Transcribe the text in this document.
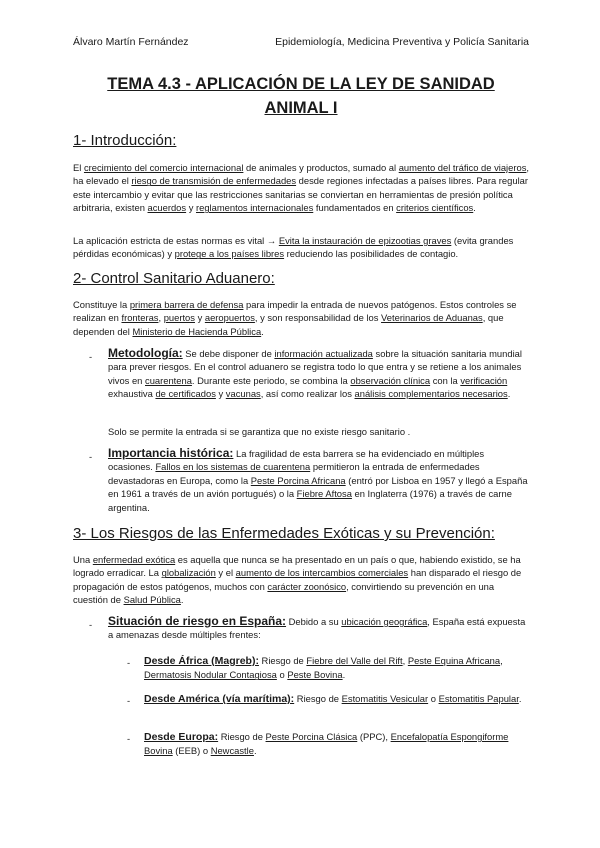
Álvaro Martín Fernández	Epidemiología, Medicina Preventiva y Policía Sanitaria
TEMA 4.3 - APLICACIÓN DE LA LEY DE SANIDAD
ANIMAL I
1- Introducción:
El crecimiento del comercio internacional de animales y productos, sumado al aumento del tráfico de viajeros, ha elevado el riesgo de transmisión de enfermedades desde regiones infectadas a países libres. Para regular este intercambio y evitar que las restricciones sanitarias se conviertan en herramientas de presión política arbitraria, existen acuerdos y reglamentos internacionales fundamentados en criterios científicos.
La aplicación estricta de estas normas es vital → Evita la instauración de epizootias graves (evita grandes pérdidas económicas) y protege a los países libres reduciendo las posibilidades de contagio.
2- Control Sanitario Aduanero:
Constituye la primera barrera de defensa para impedir la entrada de nuevos patógenos. Estos controles se realizan en fronteras, puertos y aeropuertos, y son responsabilidad de los Veterinarios de Aduanas, que dependen del Ministerio de Hacienda Pública.
- Metodología: Se debe disponer de información actualizada sobre la situación sanitaria mundial para prever riesgos. En el control aduanero se registra todo lo que entra y se retiene a los animales vivos en cuarentena. Durante este periodo, se combina la observación clínica con la verificación exhaustiva de certificados y vacunas, así como realizar los análisis complementarios necesarios.
Solo se permite la entrada si se garantiza que no existe riesgo sanitario .
- Importancia histórica: La fragilidad de esta barrera se ha evidenciado en múltiples ocasiones. Fallos en los sistemas de cuarentena permitieron la entrada de enfermedades devastadoras en Europa, como la Peste Porcina Africana (entró por Lisboa en 1957 y llegó a España en 1961 a través de un avión portugués) o la Fiebre Aftosa en Inglaterra (1976) a través de carne argentina.
3- Los Riesgos de las Enfermedades Exóticas y su Prevención:
Una enfermedad exótica es aquella que nunca se ha presentado en un país o que, habiendo existido, se ha logrado erradicar. La globalización y el aumento de los intercambios comerciales han disparado el riesgo de propagación de estos patógenos, muchos con carácter zoonósico, convirtiendo su prevención en una cuestión de Salud Pública.
- Situación de riesgo en España: Debido a su ubicación geográfica, España está expuesta a amenazas desde múltiples frentes:
- Desde África (Magreb): Riesgo de Fiebre del Valle del Rift, Peste Equina Africana, Dermatosis Nodular Contagiosa o Peste Bovina.
- Desde América (vía marítima): Riesgo de Estomatitis Vesicular o Estomatitis Papular.
- Desde Europa: Riesgo de Peste Porcina Clásica (PPC), Encefalopatía Espongiforme Bovina (EEB) o Newcastle.
